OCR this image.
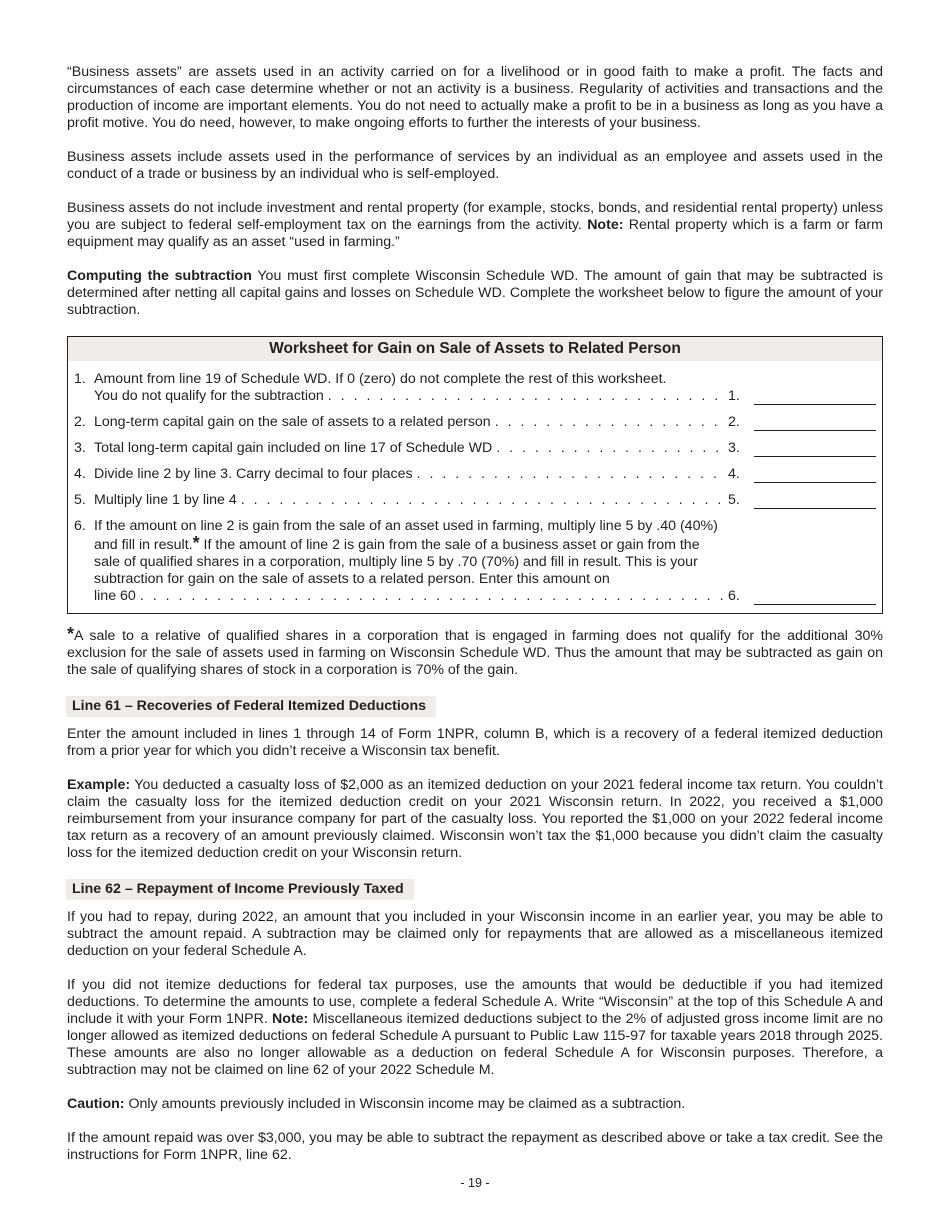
“Business assets” are assets used in an activity carried on for a livelihood or in good faith to make a profit. The facts and circumstances of each case determine whether or not an activity is a business. Regularity of activities and transactions and the production of income are important elements. You do not need to actually make a profit to be in a business as long as you have a profit motive. You do need, however, to make ongoing efforts to further the interests of your business.

Business assets include assets used in the performance of services by an individual as an employee and assets used in the conduct of a trade or business by an individual who is self-employed.

Business assets do not include investment and rental property (for example, stocks, bonds, and residential rental property) unless you are subject to federal self-employment tax on the earnings from the activity. Note: Rental property which is a farm or farm equipment may qualify as an asset “used in farming.”

Computing the subtraction You must first complete Wisconsin Schedule WD. The amount of gain that may be subtracted is determined after netting all capital gains and losses on Schedule WD. Complete the worksheet below to figure the amount of your subtraction.

Worksheet for Gain on Sale of Assets to Related Person
1. Amount from line 19 of Schedule WD. If 0 (zero) do not complete the rest of this worksheet.
You do not qualify for the subtraction . . .	1.
2. Long-term capital gain on the sale of assets to a related person . . .	2.
3. Total long-term capital gain included on line 17 of Schedule WD . . .	3.
4. Divide line 2 by line 3. Carry decimal to four places . . .	4.
5. Multiply line 1 by line 4 . . .	5.
6. If the amount on line 2 is gain from the sale of an asset used in farming, multiply line 5 by .40 (40%) and fill in result.* If the amount of line 2 is gain from the sale of a business asset or gain from the sale of qualified shares in a corporation, multiply line 5 by .70 (70%) and fill in result. This is your subtraction for gain on the sale of assets to a related person. Enter this amount on
line 60 . . .	6.

*A sale to a relative of qualified shares in a corporation that is engaged in farming does not qualify for the additional 30% exclusion for the sale of assets used in farming on Wisconsin Schedule WD. Thus the amount that may be subtracted as gain on the sale of qualifying shares of stock in a corporation is 70% of the gain.

Line 61 – Recoveries of Federal Itemized Deductions

Enter the amount included in lines 1 through 14 of Form 1NPR, column B, which is a recovery of a federal itemized deduction from a prior year for which you didn’t receive a Wisconsin tax benefit.

Example: You deducted a casualty loss of $2,000 as an itemized deduction on your 2021 federal income tax return. You couldn’t claim the casualty loss for the itemized deduction credit on your 2021 Wisconsin return. In 2022, you received a $1,000 reimbursement from your insurance company for part of the casualty loss. You reported the $1,000 on your 2022 federal income tax return as a recovery of an amount previously claimed. Wisconsin won’t tax the $1,000 because you didn’t claim the casualty loss for the itemized deduction credit on your Wisconsin return.

Line 62 – Repayment of Income Previously Taxed

If you had to repay, during 2022, an amount that you included in your Wisconsin income in an earlier year, you may be able to subtract the amount repaid. A subtraction may be claimed only for repayments that are allowed as a miscellaneous itemized deduction on your federal Schedule A.

If you did not itemize deductions for federal tax purposes, use the amounts that would be deductible if you had itemized deductions. To determine the amounts to use, complete a federal Schedule A. Write “Wisconsin” at the top of this Schedule A and include it with your Form 1NPR. Note: Miscellaneous itemized deductions subject to the 2% of adjusted gross income limit are no longer allowed as itemized deductions on federal Schedule A pursuant to Public Law 115-97 for taxable years 2018 through 2025. These amounts are also no longer allowable as a deduction on federal Schedule A for Wisconsin purposes. Therefore, a subtraction may not be claimed on line 62 of your 2022 Schedule M.

Caution: Only amounts previously included in Wisconsin income may be claimed as a subtraction.

If the amount repaid was over $3,000, you may be able to subtract the repayment as described above or take a tax credit. See the instructions for Form 1NPR, line 62.

- 19 -
